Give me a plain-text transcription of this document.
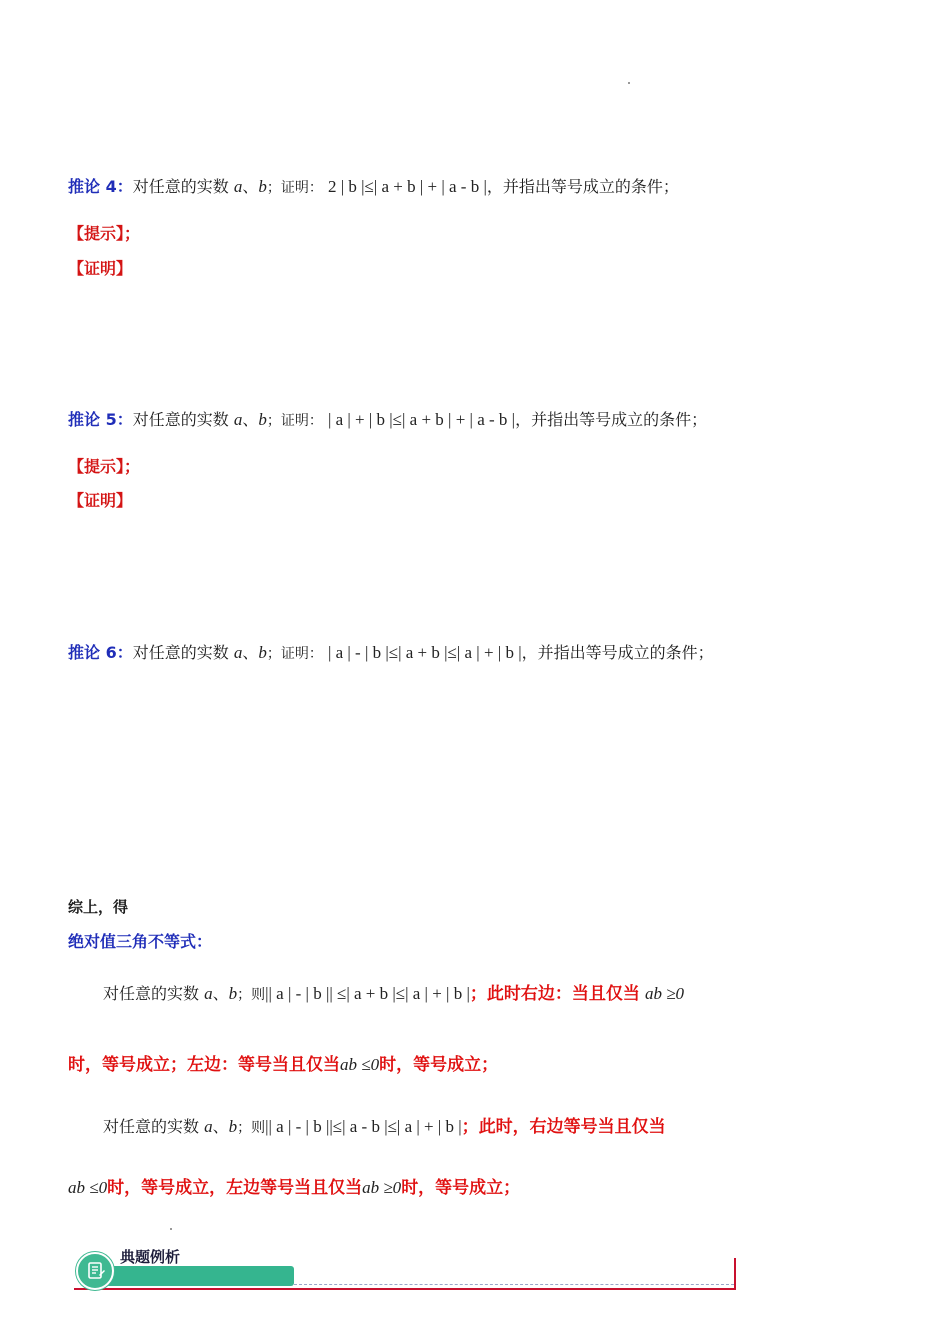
推论 4：对任意的实数 a、b；证明： 2 | b |≤| a + b | + | a - b |，并指出等号成立的条件；
【提示】；
【证明】
推论 5：对任意的实数 a、b；证明： | a | + | b |≤| a + b | + | a - b |，并指出等号成立的条件；
【提示】；
【证明】
推论 6：对任意的实数 a、b；证明： | a | - | b |≤| a + b |≤| a | + | b |，并指出等号成立的条件；
综上，得
绝对值三角不等式：
对任意的实数 a、b；则|| a | - | b || ≤| a + b |≤| a | + | b |；此时右边：当且仅当 ab ≥0
时，等号成立；左边：等号当且仅当ab ≤0时，等号成立；
对任意的实数 a、b；则|| a | - | b ||≤| a - b |≤| a | + | b |；此时，右边等号当且仅当
ab ≤0时，等号成立，左边等号当且仅当ab ≥0时，等号成立；
典题例析
